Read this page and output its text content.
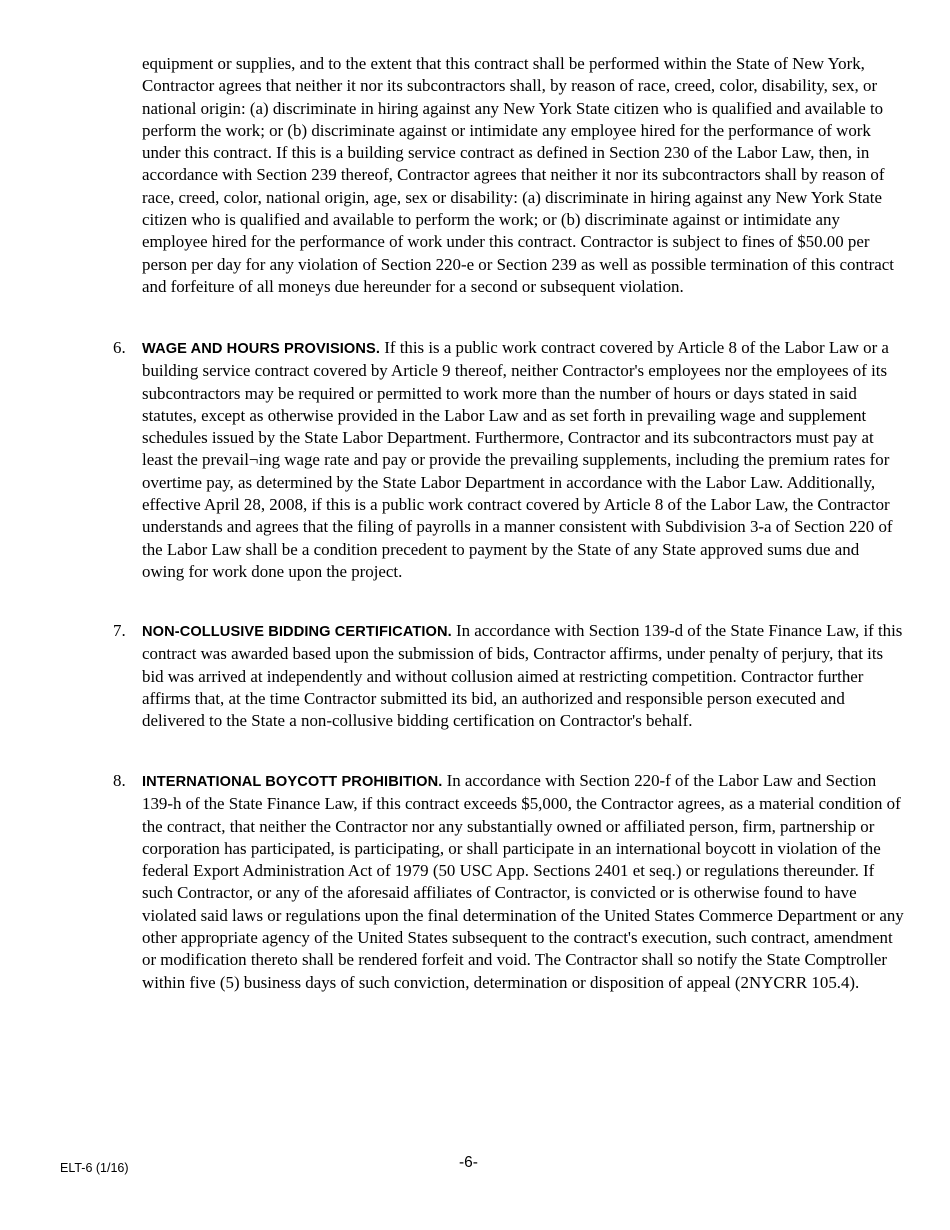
equipment or supplies, and to the extent that this contract shall be performed within the State of New York, Contractor agrees that neither it nor its subcontractors shall, by reason of race, creed, color, disability, sex, or national origin: (a) discriminate in hiring against any New York State citizen who is qualified and available to perform the work; or (b) discriminate against or intimidate any employee hired for the performance of work under this contract. If this is a building service contract as defined in Section 230 of the Labor Law, then, in accordance with Section 239 thereof, Contractor agrees that neither it nor its subcontractors shall by reason of race, creed, color, national origin, age, sex or disability: (a) discriminate in hiring against any New York State citizen who is qualified and available to perform the work; or (b) discriminate against or intimidate any employee hired for the performance of work under this contract. Contractor is subject to fines of $50.00 per person per day for any violation of Section 220-e or Section 239 as well as possible termination of this contract and forfeiture of all moneys due hereunder for a second or subsequent violation.

6.	WAGE AND HOURS PROVISIONS. If this is a public work contract covered by Article 8 of the Labor Law or a building service contract covered by Article 9 thereof, neither Contractor's employees nor the employees of its subcontractors may be required or permitted to work more than the number of hours or days stated in said statutes, except as otherwise provided in the Labor Law and as set forth in prevailing wage and supplement schedules issued by the State Labor Department. Furthermore, Contractor and its subcontractors must pay at least the prevail¬ing wage rate and pay or provide the prevailing supplements, including the premium rates for overtime pay, as determined by the State Labor Department in accordance with the Labor Law. Additionally, effective April 28, 2008, if this is a public work contract covered by Article 8 of the Labor Law, the Contractor understands and agrees that the filing of payrolls in a manner consistent with Subdivision 3-a of Section 220 of the Labor Law shall be a condition precedent to payment by the State of any State approved sums due and owing for work done upon the project.

7.	NON-COLLUSIVE BIDDING CERTIFICATION. In accordance with Section 139-d of the State Finance Law, if this contract was awarded based upon the submission of bids, Contractor affirms, under penalty of perjury, that its bid was arrived at independently and without collusion aimed at restricting competition. Contractor further affirms that, at the time Contractor submitted its bid, an authorized and responsible person executed and delivered to the State a non-collusive bidding certification on Contractor's behalf.

8.	INTERNATIONAL BOYCOTT PROHIBITION. In accordance with Section 220-f of the Labor Law and Section 139-h of the State Finance Law, if this contract exceeds $5,000, the Contractor agrees, as a material condition of the contract, that neither the Contractor nor any substantially owned or affiliated person, firm, partnership or corporation has participated, is participating, or shall participate in an international boycott in violation of the federal Export Administration Act of 1979 (50 USC App. Sections 2401 et seq.) or regulations thereunder. If such Contractor, or any of the aforesaid affiliates of Contractor, is convicted or is otherwise found to have violated said laws or regulations upon the final determination of the United States Commerce Department or any other appropriate agency of the United States subsequent to the contract's execution, such contract, amendment or modification thereto shall be rendered forfeit and void. The Contractor shall so notify the State Comptroller within five (5) business days of such conviction, determination or disposition of appeal (2NYCRR 105.4).

ELT-6 (1/16)	-6-
